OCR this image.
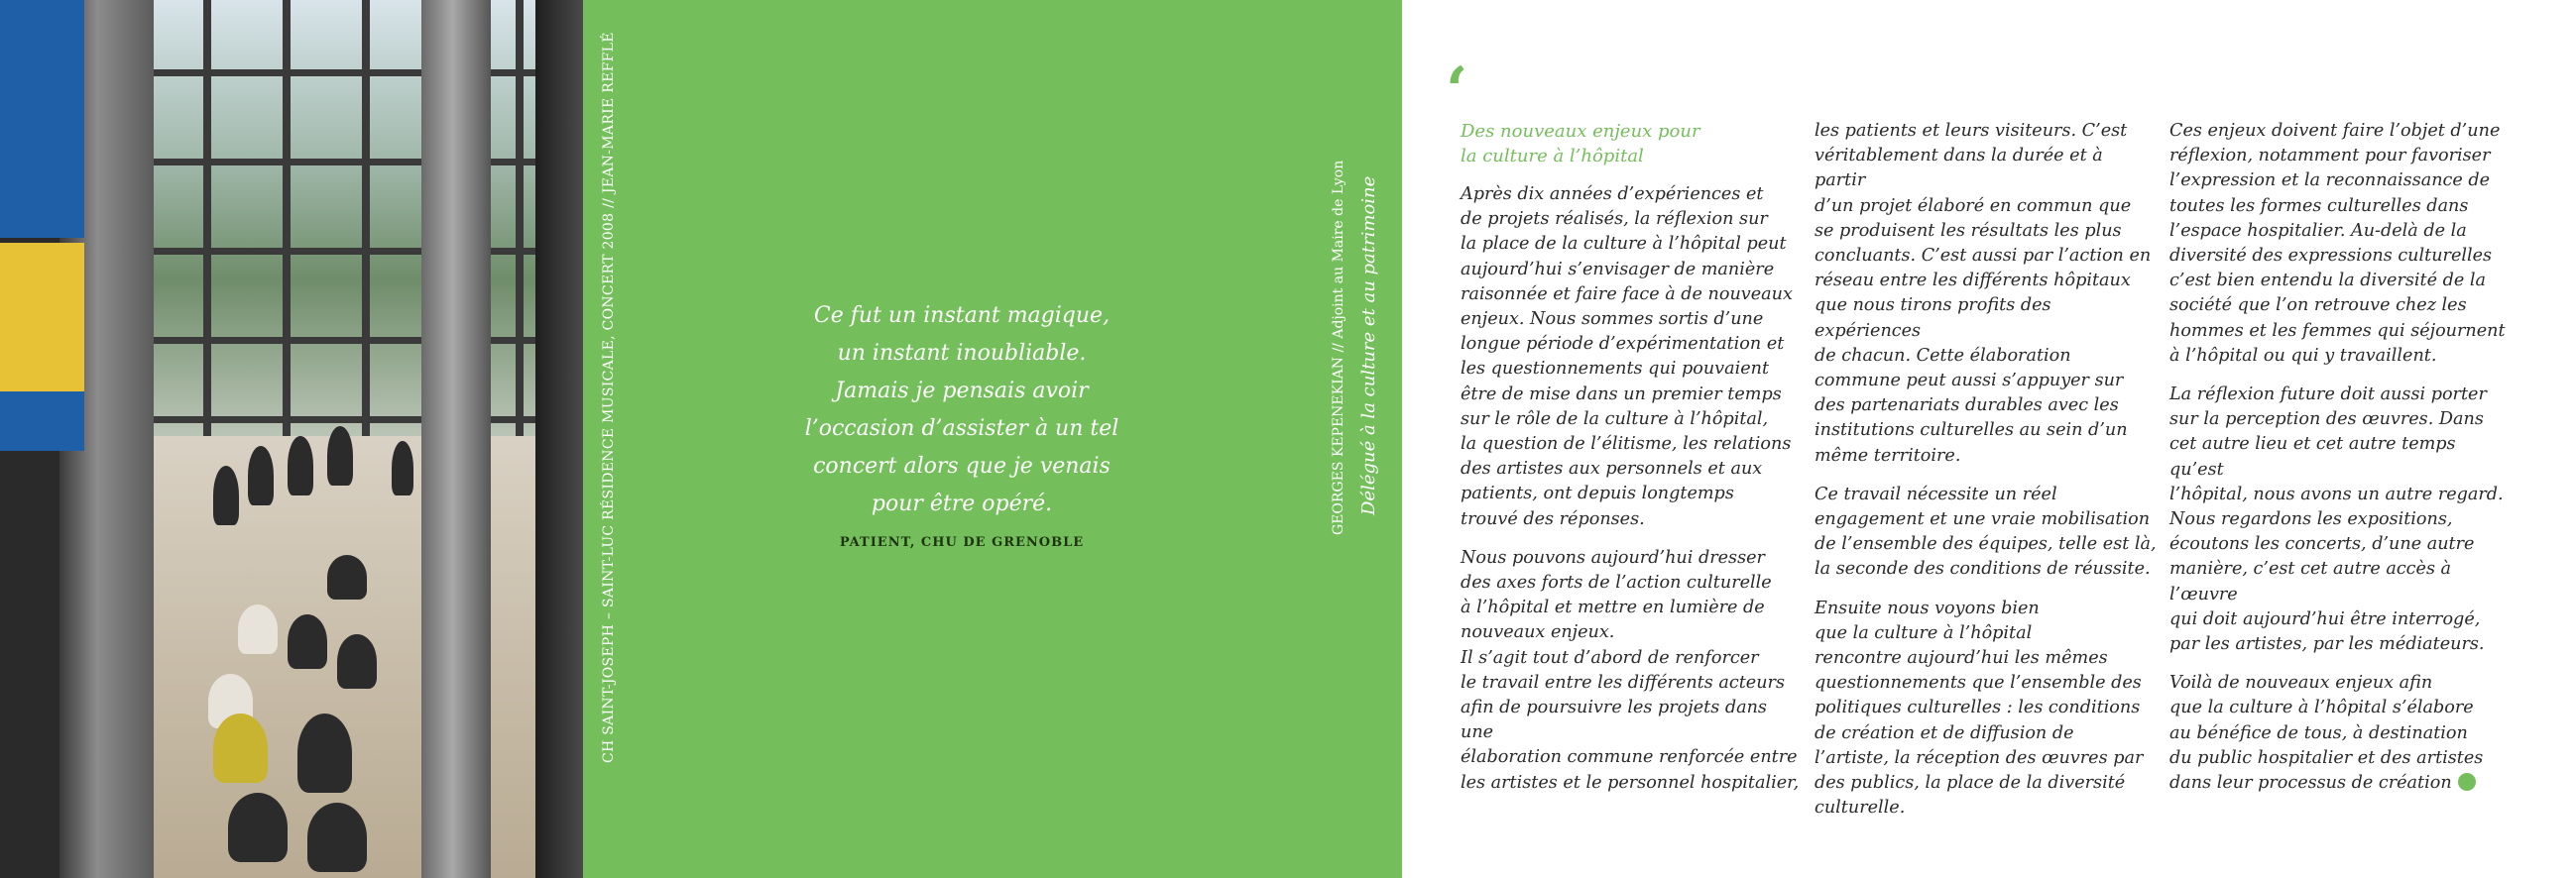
CH SAINT-JOSEPH – SAINT-LUC RÉSIDENCE MUSICALE, CONCERT 2008 // JEAN-MARIE REFFLÉ	Ce fut un instant magique,
un instant inoubliable.
Jamais je pensais avoir
l’occasion d’assister à un tel
concert alors que je venais
pour être opéré.

PATIENT, CHU DE GRENOBLE
GEORGES KEPENEKIAN // Adjoint au Maire de Lyon Délégué à la culture et au patrimoine
‘

Des nouveaux enjeux pour
la culture à l’hôpital

Après dix années d’expériences et
de projets réalisés, la réflexion sur
la place de la culture à l’hôpital peut
aujourd’hui s’envisager de manière
raisonnée et faire face à de nouveaux
enjeux. Nous sommes sortis d’une
longue période d’expérimentation et
les questionnements qui pouvaient
être de mise dans un premier temps
sur le rôle de la culture à l’hôpital,
la question de l’élitisme, les relations
des artistes aux personnels et aux
patients, ont depuis longtemps
trouvé des réponses.

Nous pouvons aujourd’hui dresser
des axes forts de l’action culturelle
à l’hôpital et mettre en lumière de
nouveaux enjeux.
Il s’agit tout d’abord de renforcer
le travail entre les différents acteurs
afin de poursuivre les projets dans une
élaboration commune renforcée entre
les artistes et le personnel hospitalier,

les patients et leurs visiteurs. C’est
véritablement dans la durée et à partir
d’un projet élaboré en commun que
se produisent les résultats les plus
concluants. C’est aussi par l’action en
réseau entre les différents hôpitaux
que nous tirons profits des expériences
de chacun. Cette élaboration
commune peut aussi s’appuyer sur
des partenariats durables avec les
institutions culturelles au sein d’un
même territoire.

Ce travail nécessite un réel
engagement et une vraie mobilisation
de l’ensemble des équipes, telle est là,
la seconde des conditions de réussite.

Ensuite nous voyons bien
que la culture à l’hôpital
rencontre aujourd’hui les mêmes
questionnements que l’ensemble des
politiques culturelles : les conditions
de création et de diffusion de
l’artiste, la réception des œuvres par
des publics, la place de la diversité
culturelle.

Ces enjeux doivent faire l’objet d’une
réflexion, notamment pour favoriser
l’expression et la reconnaissance de
toutes les formes culturelles dans
l’espace hospitalier. Au-delà de la
diversité des expressions culturelles
c’est bien entendu la diversité de la
société que l’on retrouve chez les
hommes et les femmes qui séjournent
à l’hôpital ou qui y travaillent.

La réflexion future doit aussi porter
sur la perception des œuvres. Dans
cet autre lieu et cet autre temps qu’est
l’hôpital, nous avons un autre regard.
Nous regardons les expositions,
écoutons les concerts, d’une autre
manière, c’est cet autre accès à l’œuvre
qui doit aujourd’hui être interrogé,
par les artistes, par les médiateurs.

Voilà de nouveaux enjeux afin
que la culture à l’hôpital s’élabore
au bénéfice de tous, à destination
du public hospitalier et des artistes
dans leur processus de création
